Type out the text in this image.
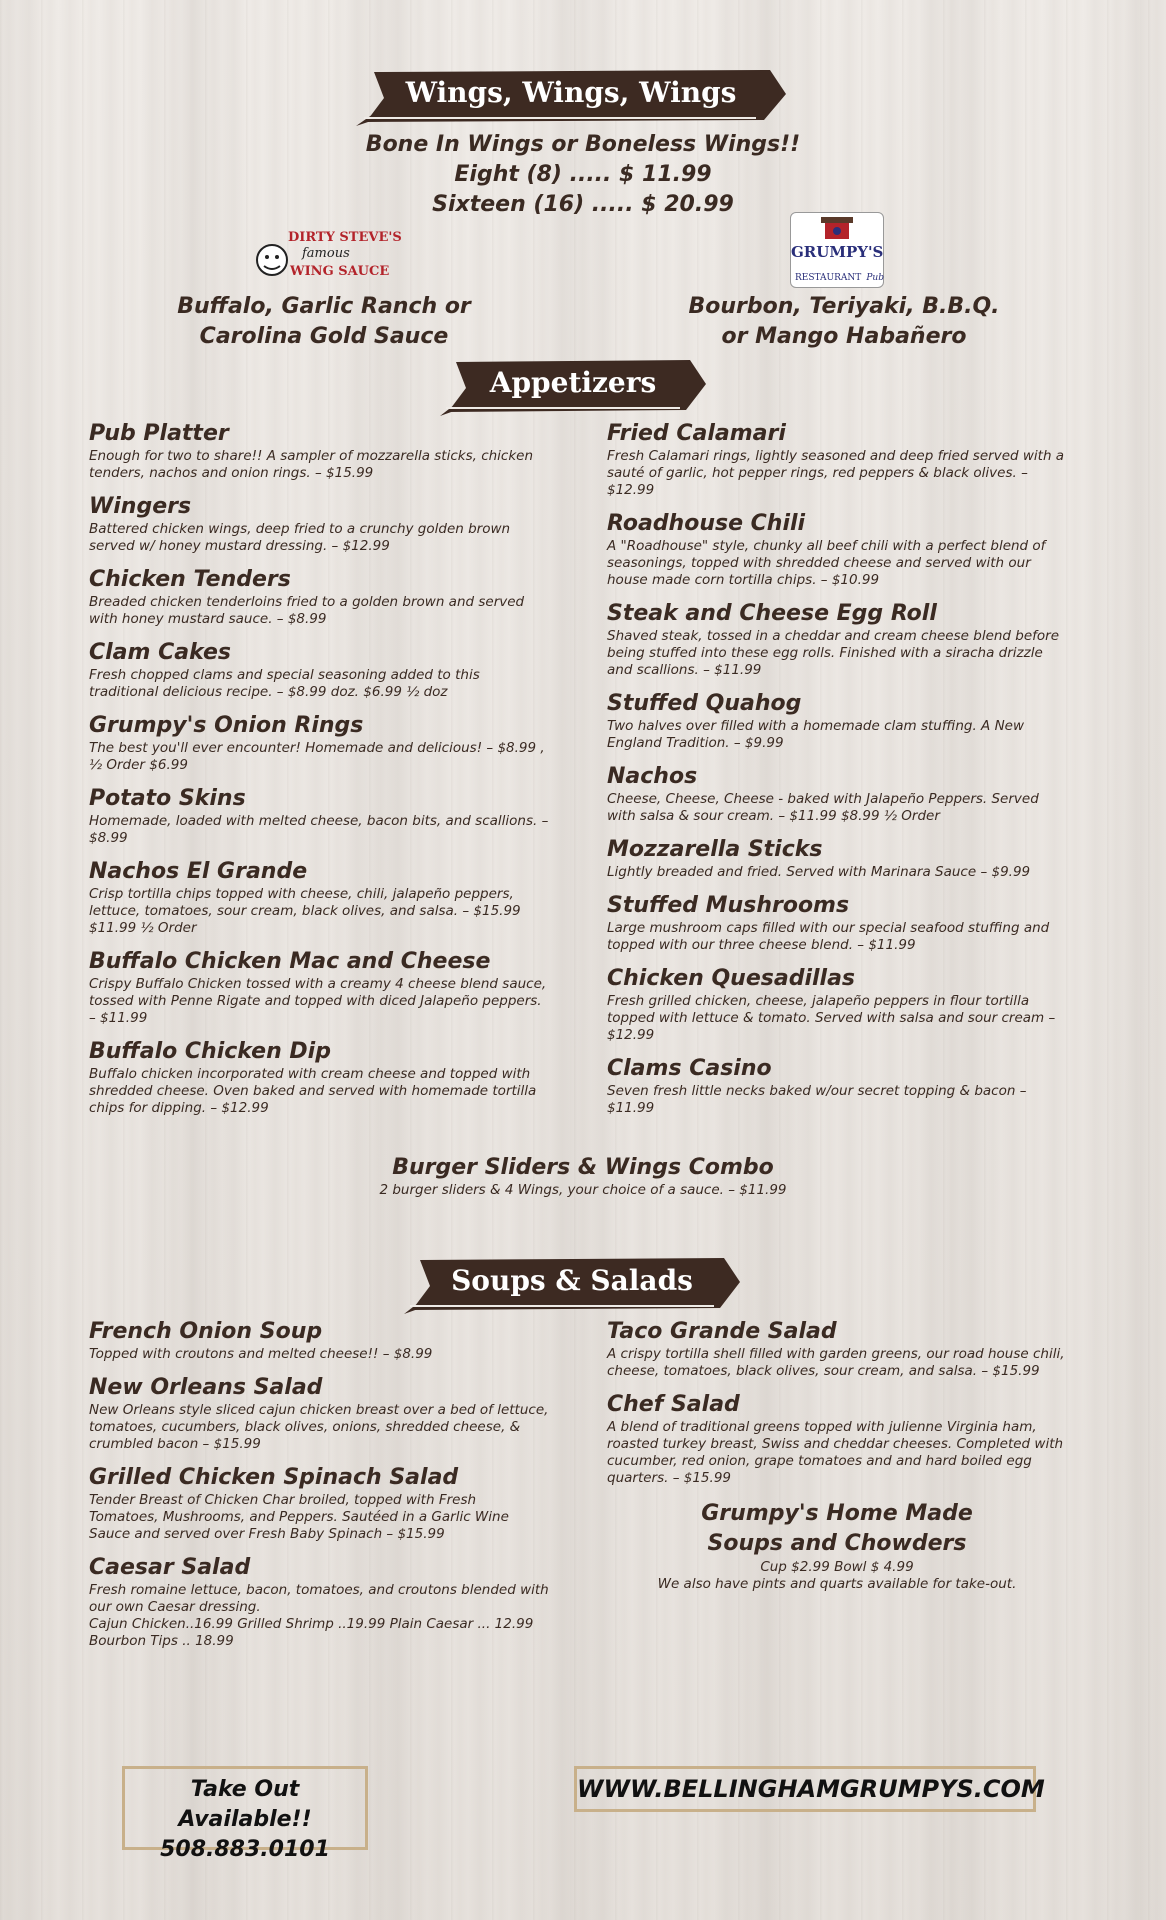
Wings, Wings, Wings
Bone In Wings or Boneless Wings!!
Eight (8) ..... $ 11.99
Sixteen (16) ..... $ 20.99
DIRTY STEVE'S
famous
WING SAUCE
GRUMPY'S
RESTAURANT Pub
Buffalo, Garlic Ranch or
Carolina Gold Sauce
Bourbon, Teriyaki, B.B.Q.
or Mango Habañero
Appetizers
Pub Platter
Enough for two to share!! A sampler of mozzarella sticks, chicken tenders, nachos and onion rings. – $15.99
Wingers
Battered chicken wings, deep fried to a crunchy golden brown served w/ honey mustard dressing. – $12.99
Chicken Tenders
Breaded chicken tenderloins fried to a golden brown and served with honey mustard sauce. – $8.99
Clam Cakes
Fresh chopped clams and special seasoning added to this traditional delicious recipe. – $8.99 doz. $6.99 ½ doz
Grumpy's Onion Rings
The best you'll ever encounter! Homemade and delicious! – $8.99 , ½ Order $6.99
Potato Skins
Homemade, loaded with melted cheese, bacon bits, and scallions. – $8.99
Nachos El Grande
Crisp tortilla chips topped with cheese, chili, jalapeño peppers, lettuce, tomatoes, sour cream, black olives, and salsa. – $15.99 $11.99 ½ Order
Buffalo Chicken Mac and Cheese
Crispy Buffalo Chicken tossed with a creamy 4 cheese blend sauce, tossed with Penne Rigate and topped with diced Jalapeño peppers. – $11.99
Buffalo Chicken Dip
Buffalo chicken incorporated with cream cheese and topped with shredded cheese. Oven baked and served with homemade tortilla chips for dipping. – $12.99
Fried Calamari
Fresh Calamari rings, lightly seasoned and deep fried served with a sauté of garlic, hot pepper rings, red peppers & black olives. – $12.99
Roadhouse Chili
A "Roadhouse" style, chunky all beef chili with a perfect blend of seasonings, topped with shredded cheese and served with our house made corn tortilla chips. – $10.99
Steak and Cheese Egg Roll
Shaved steak, tossed in a cheddar and cream cheese blend before being stuffed into these egg rolls. Finished with a siracha drizzle and scallions. – $11.99
Stuffed Quahog
Two halves over filled with a homemade clam stuffing. A New England Tradition. – $9.99
Nachos
Cheese, Cheese, Cheese - baked with Jalapeño Peppers. Served with salsa & sour cream. – $11.99 $8.99 ½ Order
Mozzarella Sticks
Lightly breaded and fried. Served with Marinara Sauce – $9.99
Stuffed Mushrooms
Large mushroom caps filled with our special seafood stuffing and topped with our three cheese blend. – $11.99
Chicken Quesadillas
Fresh grilled chicken, cheese, jalapeño peppers in flour tortilla topped with lettuce & tomato. Served with salsa and sour cream – $12.99
Clams Casino
Seven fresh little necks baked w/our secret topping & bacon – $11.99
Burger Sliders & Wings Combo
2 burger sliders & 4 Wings, your choice of a sauce. – $11.99
Soups & Salads
French Onion Soup
Topped with croutons and melted cheese!! – $8.99
New Orleans Salad
New Orleans style sliced cajun chicken breast over a bed of lettuce, tomatoes, cucumbers, black olives, onions, shredded cheese, & crumbled bacon – $15.99
Grilled Chicken Spinach Salad
Tender Breast of Chicken Char broiled, topped with Fresh Tomatoes, Mushrooms, and Peppers. Sautéed in a Garlic Wine Sauce and served over Fresh Baby Spinach – $15.99
Caesar Salad
Fresh romaine lettuce, bacon, tomatoes, and croutons blended with our own Caesar dressing.
Cajun Chicken..16.99 Grilled Shrimp ..19.99 Plain Caesar ... 12.99 Bourbon Tips .. 18.99
Taco Grande Salad
A crispy tortilla shell filled with garden greens, our road house chili, cheese, tomatoes, black olives, sour cream, and salsa. – $15.99
Chef Salad
A blend of traditional greens topped with julienne Virginia ham, roasted turkey breast, Swiss and cheddar cheeses. Completed with cucumber, red onion, grape tomatoes and and hard boiled egg quarters. – $15.99
Grumpy's Home Made
Soups and Chowders
Cup $2.99 Bowl $ 4.99
We also have pints and quarts available for take-out.
Take Out Available!!
508.883.0101
WWW.BELLINGHAMGRUMPYS.COM
